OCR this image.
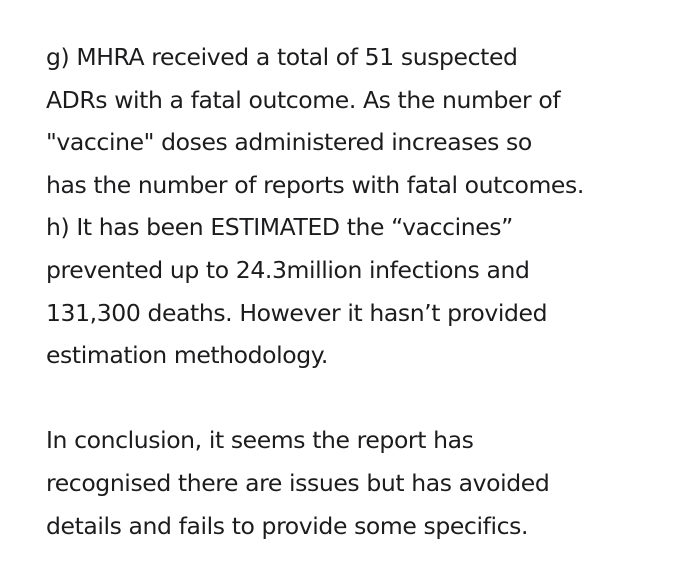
g) MHRA received a total of 51 suspected
ADRs with a fatal outcome. As the number of
"vaccine" doses administered increases so
has the number of reports with fatal outcomes.
h) It has been ESTIMATED the “vaccines”
prevented up to 24.3million infections and
131,300 deaths. However it hasn’t provided
estimation methodology.
In conclusion, it seems the report has
recognised there are issues but has avoided
details and fails to provide some specifics.
